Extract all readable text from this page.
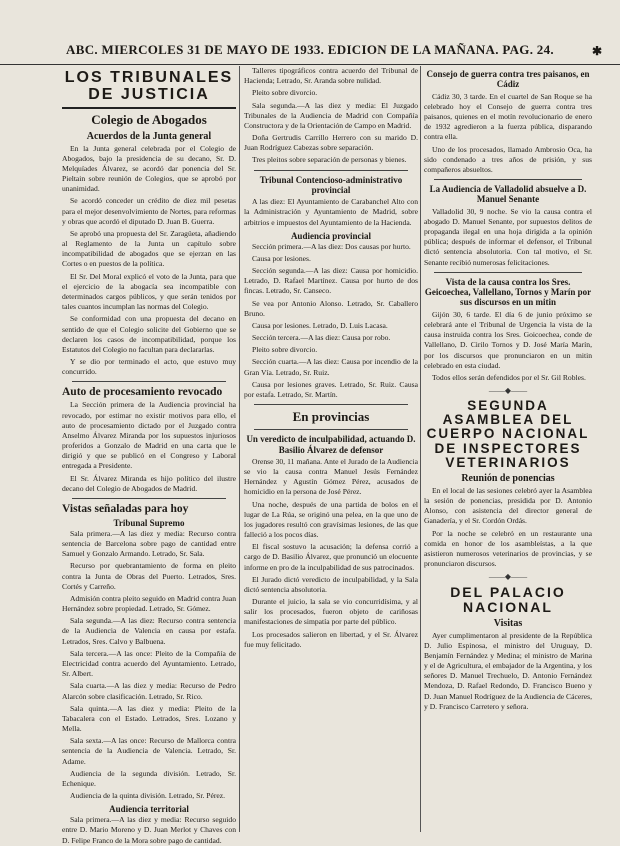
ABC. MIERCOLES 31 DE MAYO DE 1933. EDICION DE LA MAÑANA. PAG. 24.	✱
LOS TRIBUNALES DE JUSTICIA
Colegio de Abogados
Acuerdos de la Junta general

En la Junta general celebrada por el Colegio de Abogados, bajo la presidencia de su decano, Sr. D. Melquíades Álvarez, se acordó dar ponencia del Sr. Pieltain sobre reunión de Colegios, que se aprobó por unanimidad.

Se acordó conceder un crédito de diez mil pesetas para el mejor desenvolvimiento de Nortes, para reformas y obras que acordó el diputado D. Juan B. Guerra.

Se aprobó una propuesta del Sr. Zaragüeta, añadiendo al Reglamento de la Junta un capítulo sobre incompatibilidad de abogados que se ejerzan en las Cortes o en puestos de la política.

El Sr. Del Moral explicó el voto de la Junta, para que el ejercicio de la abogacía sea incompatible con determinados cargos públicos, y que serán tenidos por tales cuantos incumplan las normas del Colegio.

Se conformidad con una propuesta del decano en sentido de que el Colegio solicite del Gobierno que se declaren los casos de incompatibilidad, porque los Estatutos del Colegio no facultan para declararlas.

Y se dio por terminado el acto, que estuvo muy concurrido.

Auto de procesamiento revocado

La Sección primera de la Audiencia provincial ha revocado, por estimar no existir motivos para ello, el auto de procesamiento dictado por el Juzgado contra Anselmo Álvarez Miranda por los supuestos injuriosos proferidos a Gonzalo de Madrid en una carta que le dirigió y que se publicó en el Congreso y Laboral entregada a Presidente.

El Sr. Álvarez Miranda es hijo político del ilustre decano del Colegio de Abogados de Madrid.

Vistas señaladas para hoy
Tribunal Supremo

Sala primera.—A las diez y media: Recurso contra sentencia de Barcelona sobre pago de cantidad entre Samuel y Gonzalo Armando. Letrado, Sr. Sala.

Recurso por quebrantamiento de forma en pleito contra la Junta de Obras del Puerto. Letrados, Sres. Cortés y Carreño.

Admisión contra pleito seguido en Madrid contra Juan Hernández sobre propiedad. Letrado, Sr. Gómez.

Sala segunda.—A las diez: Recurso contra sentencia de la Audiencia de Valencia en causa por estafa. Letrados, Sres. Calvo y Balbuena.

Sala tercera.—A las once: Pleito de la Compañía de Electricidad contra acuerdo del Ayuntamiento. Letrado, Sr. Albert.

Sala cuarta.—A las diez y media: Recurso de Pedro Alarcón sobre clasificación. Letrado, Sr. Rico.

Sala quinta.—A las diez y media: Pleito de la Tabacalera con el Estado. Letrados, Sres. Lozano y Mella.

Sala sexta.—A las once: Recurso de Mallorca contra sentencia de la Audiencia de Valencia. Letrado, Sr. Adame.

Audiencia de la segunda división. Letrado, Sr. Echenique.

Audiencia de la quinta división. Letrado, Sr. Pérez.

Audiencia territorial

Sala primera.—A las diez y media: Recurso seguido entre D. Mario Moreno y D. Juan Merlot y Chaves con D. Felipe Franco de la Mora sobre pago de cantidad.

Talleres tipográficos contra acuerdo del Tribunal de Hacienda; Letrado, Sr. Aranda sobre nulidad.

Pleito sobre divorcio.

Sala segunda.—A las diez y media: El Juzgado Tribunales de la Audiencia de Madrid con Compañía Constructora y de la Orientación de Campo en Madrid.

Doña Gertrudis Carrillo Herrero con su marido D. Juan Rodríguez Cabezas sobre separación.

Tres pleitos sobre separación de personas y bienes.

Tribunal Contencioso-administrativo provincial

A las diez: El Ayuntamiento de Carabanchel Alto con la Administración y Ayuntamiento de Madrid, sobre arbitrios e impuestos del Ayuntamiento de la Hacienda.

Audiencia provincial

Sección primera.—A las diez: Dos causas por hurto.

Causa por lesiones.

Sección segunda.—A las diez: Causa por homicidio. Letrado, D. Rafael Martínez. Causa por hurto de dos fincas. Letrado, Sr. Canseco.

Se vea por Antonio Alonso. Letrado, Sr. Caballero Bruno.

Causa por lesiones. Letrado, D. Luis Lacasa.

Sección tercera.—A las diez: Causa por robo.

Pleito sobre divorcio.

Sección cuarta.—A las diez: Causa por incendio de la Gran Vía. Letrado, Sr. Ruiz.

Causa por lesiones graves. Letrado, Sr. Ruiz. Causa por estafa. Letrado, Sr. Martín.

En provincias
Un veredicto de inculpabilidad, actuando D. Basilio Álvarez de defensor

Orense 30, 11 mañana. Ante el Jurado de la Audiencia se vio la causa contra Manuel Jesús Fernández Hernández y Agustín Gómez Pérez, acusados de homicidio en la persona de José Pérez.

Una noche, después de una partida de bolos en el lugar de La Rúa, se originó una pelea, en la que uno de los jugadores resultó con gravísimas lesiones, de las que falleció a los pocos días.

El fiscal sostuvo la acusación; la defensa corrió a cargo de D. Basilio Álvarez, que pronunció un elocuente informe en pro de la inculpabilidad de sus patrocinados.

El Jurado dictó veredicto de inculpabilidad, y la Sala dictó sentencia absolutoria.

Durante el juicio, la sala se vio concurridísima, y al salir los procesados, fueron objeto de cariñosas manifestaciones de simpatía por parte del público.

Los procesados salieron en libertad, y el Sr. Álvarez fue muy felicitado.

Consejo de guerra contra tres paisanos, en Cádiz

Cádiz 30, 3 tarde. En el cuartel de San Roque se ha celebrado hoy el Consejo de guerra contra tres paisanos, quienes en el motín revolucionario de enero de 1932 agredieron a la fuerza pública, disparando contra ella.

Uno de los procesados, llamado Ambrosio Oca, ha sido condenado a tres años de prisión, y sus compañeros absueltos.

La Audiencia de Valladolid absuelve a D. Manuel Senante

Valladolid 30, 9 noche. Se vio la causa contra el abogado D. Manuel Senante, por supuestos delitos de propaganda ilegal en una hoja dirigida a la opinión pública; después de informar el defensor, el Tribunal dictó sentencia absolutoria. Con tal motivo, el Sr. Senante recibió numerosas felicitaciones.

Vista de la causa contra los Sres. Geicoechea, Vallellano, Tornos y Marín por sus discursos en un mitin

Gijón 30, 6 tarde. El día 6 de junio próximo se celebrará ante el Tribunal de Urgencia la vista de la causa instruida contra los Sres. Goicoechea, conde de Vallellano, D. Cirilo Tornos y D. José María Marín, por los discursos que pronunciaron en un mitin celebrado en esta ciudad.

Todos ellos serán defendidos por el Sr. Gil Robles.

——◆——
SEGUNDA ASAMBLEA DEL CUERPO NACIONAL DE INSPECTORES VETERINARIOS
Reunión de ponencias

En el local de las sesiones celebró ayer la Asamblea la sesión de ponencias, presidida por D. Antonio Alonso, con asistencia del director general de Ganadería, y el Sr. Cordón Ordás.

Por la noche se celebró en un restaurante una comida en honor de los asambleístas, a la que asistieron numerosos veterinarios de provincias, y se pronunciaron discursos.

——◆——
DEL PALACIO NACIONAL
Visitas

Ayer cumplimentaron al presidente de la República D. Julio Espinosa, el ministro del Uruguay, D. Benjamín Fernández y Medina; el ministro de Marina y el de Agricultura, el embajador de la Argentina, y los señores D. Manuel Trechuelo, D. Antonio Fernández Mendoza, D. Rafael Redondo, D. Francisco Bueno y D. Juan Manuel Rodríguez de la Audiencia de Cáceres, y D. Francisco Carretero y señora.
